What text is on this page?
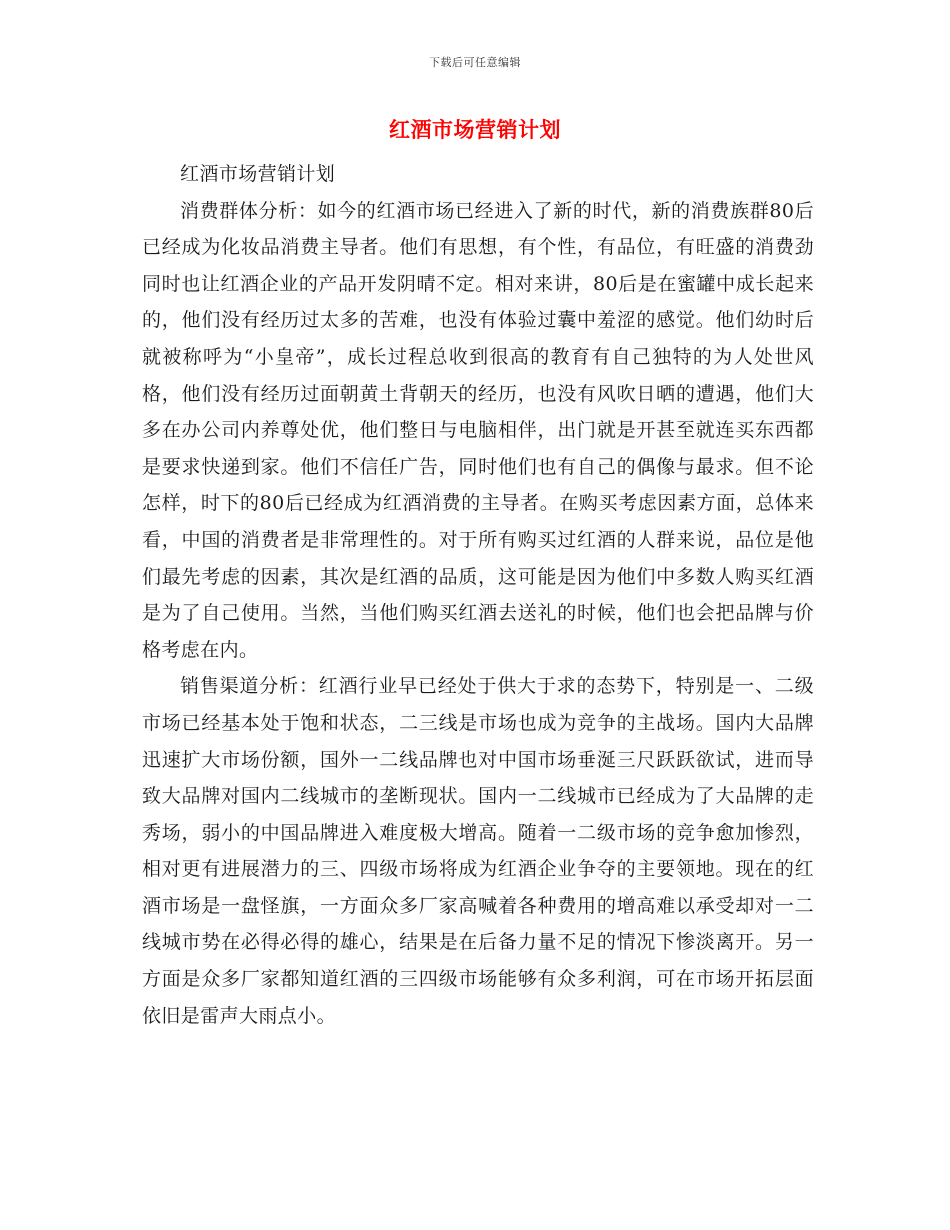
下载后可任意编辑
红酒市场营销计划

红酒市场营销计划

消费群体分析：如今的红酒市场已经进入了新的时代，新的消费族群80后已经成为化妆品消费主导者。他们有思想，有个性，有品位，有旺盛的消费劲同时也让红酒企业的产品开发阴晴不定。相对来讲，80后是在蜜罐中成长起来的，他们没有经历过太多的苦难，也没有体验过囊中羞涩的感觉。他们幼时后就被称呼为“小皇帝”，成长过程总收到很高的教育有自己独特的为人处世风格，他们没有经历过面朝黄土背朝天的经历，也没有风吹日晒的遭遇，他们大多在办公司内养尊处优，他们整日与电脑相伴，出门就是开甚至就连买东西都是要求快递到家。他们不信任广告，同时他们也有自己的偶像与最求。但不论怎样，时下的80后已经成为红酒消费的主导者。在购买考虑因素方面，总体来看，中国的消费者是非常理性的。对于所有购买过红酒的人群来说，品位是他们最先考虑的因素，其次是红酒的品质，这可能是因为他们中多数人购买红酒是为了自己使用。当然，当他们购买红酒去送礼的时候，他们也会把品牌与价格考虑在内。

销售渠道分析：红酒行业早已经处于供大于求的态势下，特别是一、二级市场已经基本处于饱和状态，二三线是市场也成为竞争的主战场。国内大品牌迅速扩大市场份额，国外一二线品牌也对中国市场垂涎三尺跃跃欲试，进而导致大品牌对国内二线城市的垄断现状。国内一二线城市已经成为了大品牌的走秀场，弱小的中国品牌进入难度极大增高。随着一二级市场的竞争愈加惨烈，相对更有进展潜力的三、四级市场将成为红酒企业争夺的主要领地。现在的红酒市场是一盘怪旗，一方面众多厂家高喊着各种费用的增高难以承受却对一二线城市势在必得必得的雄心，结果是在后备力量不足的情况下惨淡离开。另一方面是众多厂家都知道红酒的三四级市场能够有众多利润，可在市场开拓层面依旧是雷声大雨点小。
